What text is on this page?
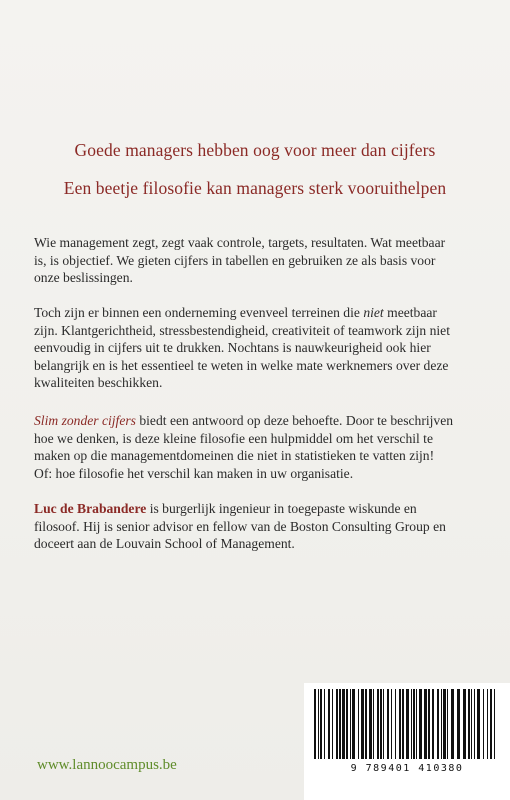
Goede managers hebben oog voor meer dan cijfers
Een beetje filosofie kan managers sterk vooruithelpen
Wie management zegt, zegt vaak controle, targets, resultaten. Wat meetbaar
is, is objectief. We gieten cijfers in tabellen en gebruiken ze als basis voor
onze beslissingen.
Toch zijn er binnen een onderneming evenveel terreinen die niet meetbaar
zijn. Klantgerichtheid, stressbestendigheid, creativiteit of teamwork zijn niet
eenvoudig in cijfers uit te drukken. Nochtans is nauwkeurigheid ook hier
belangrijk en is het essentieel te weten in welke mate werknemers over deze
kwaliteiten beschikken.
Slim zonder cijfers biedt een antwoord op deze behoefte. Door te beschrijven
hoe we denken, is deze kleine filosofie een hulpmiddel om het verschil te
maken op die managementdomeinen die niet in statistieken te vatten zijn!
Of: hoe filosofie het verschil kan maken in uw organisatie.
Luc de Brabandere is burgerlijk ingenieur in toegepaste wiskunde en
filosoof. Hij is senior advisor en fellow van de Boston Consulting Group en
doceert aan de Louvain School of Management.
www.lannoocampus.be	9 789401 410380
